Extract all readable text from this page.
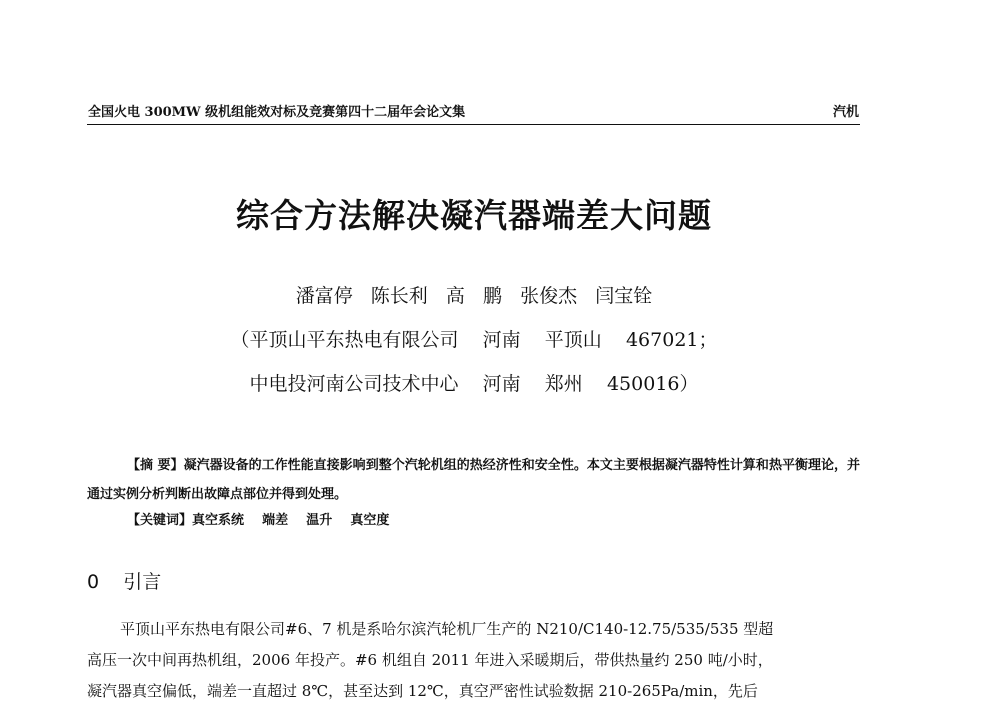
全国火电 300MW 级机组能效对标及竞赛第四十二届年会论文集	汽机
综合方法解决凝汽器端差大问题
潘富停   陈长利   高   鹏   张俊杰   闫宝铨
（平顶山平东热电有限公司    河南    平顶山    467021；
中电投河南公司技术中心    河南    郑州    450016）
【摘 要】凝汽器设备的工作性能直接影响到整个汽轮机组的热经济性和安全性。本文主要根据凝汽器特性计算和热平衡理论，并通过实例分析判断出故障点部位并得到处理。
【关键词】真空系统    端差    温升    真空度
0    引言
平顶山平东热电有限公司#6、7 机是系哈尔滨汽轮机厂生产的 N210/C140-12.75/535/535 型超
高压一次中间再热机组，2006 年投产。#6 机组自 2011 年进入采暖期后，带供热量约 250 吨/小时，
凝汽器真空偏低，端差一直超过 8℃，甚至达到 12℃，真空严密性试验数据 210-265Pa/min，先后
